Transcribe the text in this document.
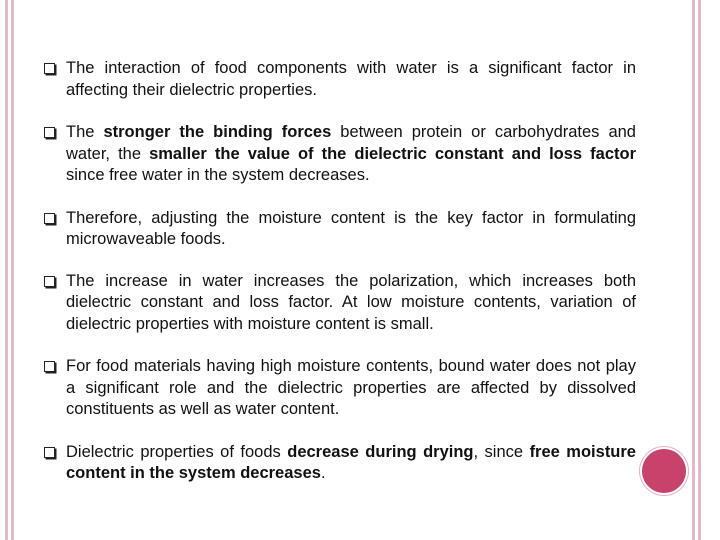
The interaction of food components with water is a significant factor in affecting their dielectric properties.
The stronger the binding forces between protein or carbohydrates and water, the smaller the value of the dielectric constant and loss factor since free water in the system decreases.
Therefore, adjusting the moisture content is the key factor in formulating microwaveable foods.
The increase in water increases the polarization, which increases both dielectric constant and loss factor. At low moisture contents, variation of dielectric properties with moisture content is small.
For food materials having high moisture contents, bound water does not play a significant role and the dielectric properties are affected by dissolved constituents as well as water content.
Dielectric properties of foods decrease during drying, since free moisture content in the system decreases.
